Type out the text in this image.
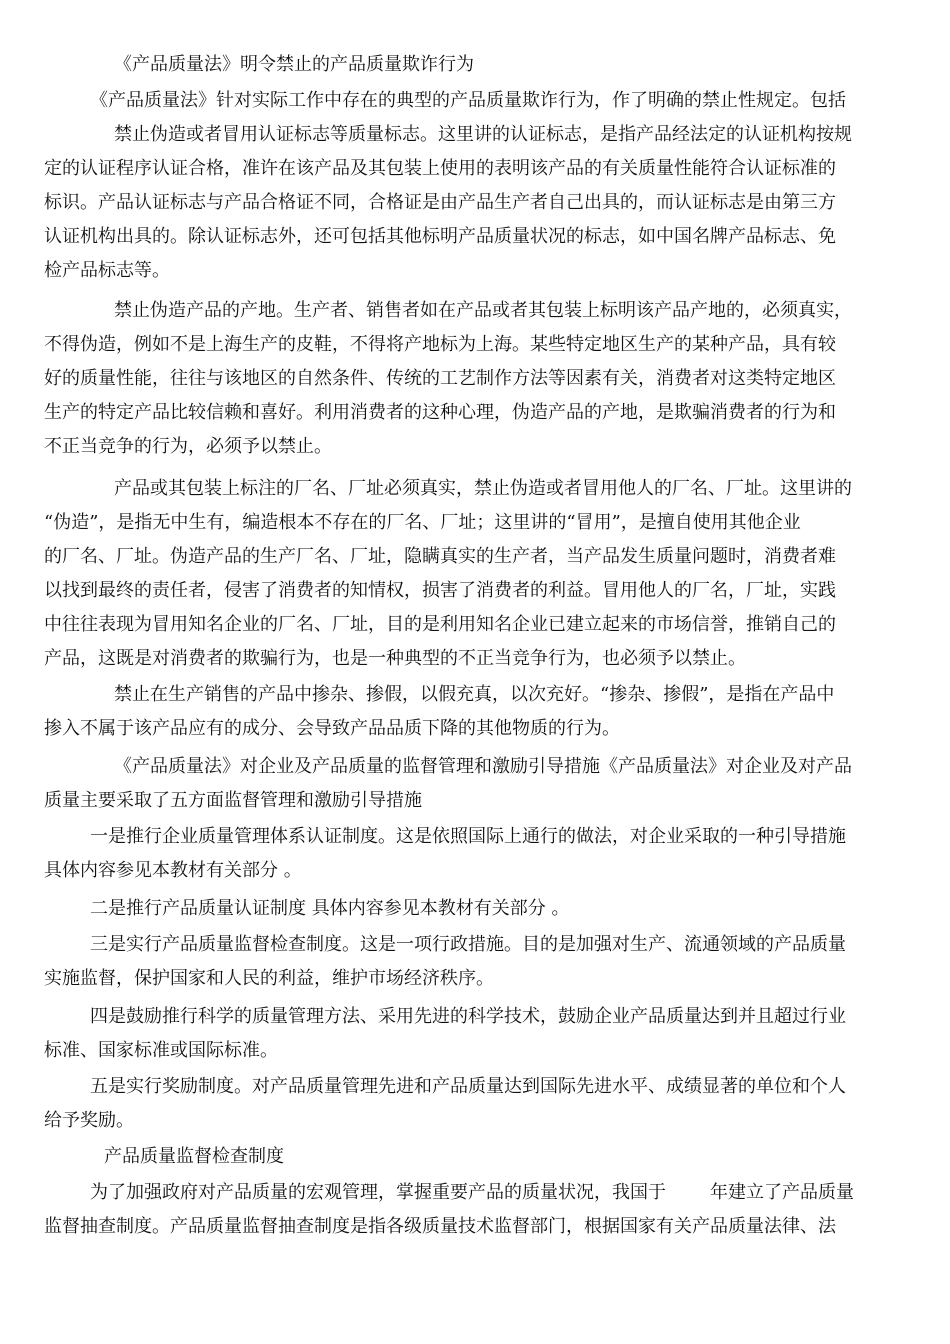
《产品质量法》明令禁止的产品质量欺诈行为
《产品质量法》针对实际工作中存在的典型的产品质量欺诈行为，作了明确的禁止性规定。包括
禁止伪造或者冒用认证标志等质量标志。这里讲的认证标志，是指产品经法定的认证机构按规
定的认证程序认证合格，准许在该产品及其包装上使用的表明该产品的有关质量性能符合认证标准的
标识。产品认证标志与产品合格证不同，合格证是由产品生产者自己出具的，而认证标志是由第三方
认证机构出具的。除认证标志外，还可包括其他标明产品质量状况的标志，如中国名牌产品标志、免
检产品标志等。
禁止伪造产品的产地。生产者、销售者如在产品或者其包装上标明该产品产地的，必须真实，
不得伪造，例如不是上海生产的皮鞋，不得将产地标为上海。某些特定地区生产的某种产品，具有较
好的质量性能，往往与该地区的自然条件、传统的工艺制作方法等因素有关，消费者对这类特定地区
生产的特定产品比较信赖和喜好。利用消费者的这种心理，伪造产品的产地，是欺骗消费者的行为和
不正当竞争的行为，必须予以禁止。
产品或其包装上标注的厂名、厂址必须真实，禁止伪造或者冒用他人的厂名、厂址。这里讲的
“伪造”，是指无中生有，编造根本不存在的厂名、厂址；这里讲的“冒用”，是擅自使用其他企业
的厂名、厂址。伪造产品的生产厂名、厂址，隐瞒真实的生产者，当产品发生质量问题时，消费者难
以找到最终的责任者，侵害了消费者的知情权，损害了消费者的利益。冒用他人的厂名，厂址，实践
中往往表现为冒用知名企业的厂名、厂址，目的是利用知名企业已建立起来的市场信誉，推销自己的
产品，这既是对消费者的欺骗行为，也是一种典型的不正当竞争行为，也必须予以禁止。
禁止在生产销售的产品中掺杂、掺假，以假充真，以次充好。“掺杂、掺假”，是指在产品中
掺入不属于该产品应有的成分、会导致产品品质下降的其他物质的行为。
《产品质量法》对企业及产品质量的监督管理和激励引导措施《产品质量法》对企业及对产品
质量主要采取了五方面监督管理和激励引导措施
一是推行企业质量管理体系认证制度。这是依照国际上通行的做法，对企业采取的一种引导措施
具体内容参见本教材有关部分 。
二是推行产品质量认证制度 具体内容参见本教材有关部分 。
三是实行产品质量监督检查制度。这是一项行政措施。目的是加强对生产、流通领域的产品质量
实施监督，保护国家和人民的利益，维护市场经济秩序。
四是鼓励推行科学的质量管理方法、采用先进的科学技术，鼓励企业产品质量达到并且超过行业
标准、国家标准或国际标准。
五是实行奖励制度。对产品质量管理先进和产品质量达到国际先进水平、成绩显著的单位和个人
给予奖励。
产品质量监督检查制度
为了加强政府对产品质量的宏观管理，掌握重要产品的质量状况，我国于 年建立了产品质量
监督抽查制度。产品质量监督抽查制度是指各级质量技术监督部门，根据国家有关产品质量法律、法
